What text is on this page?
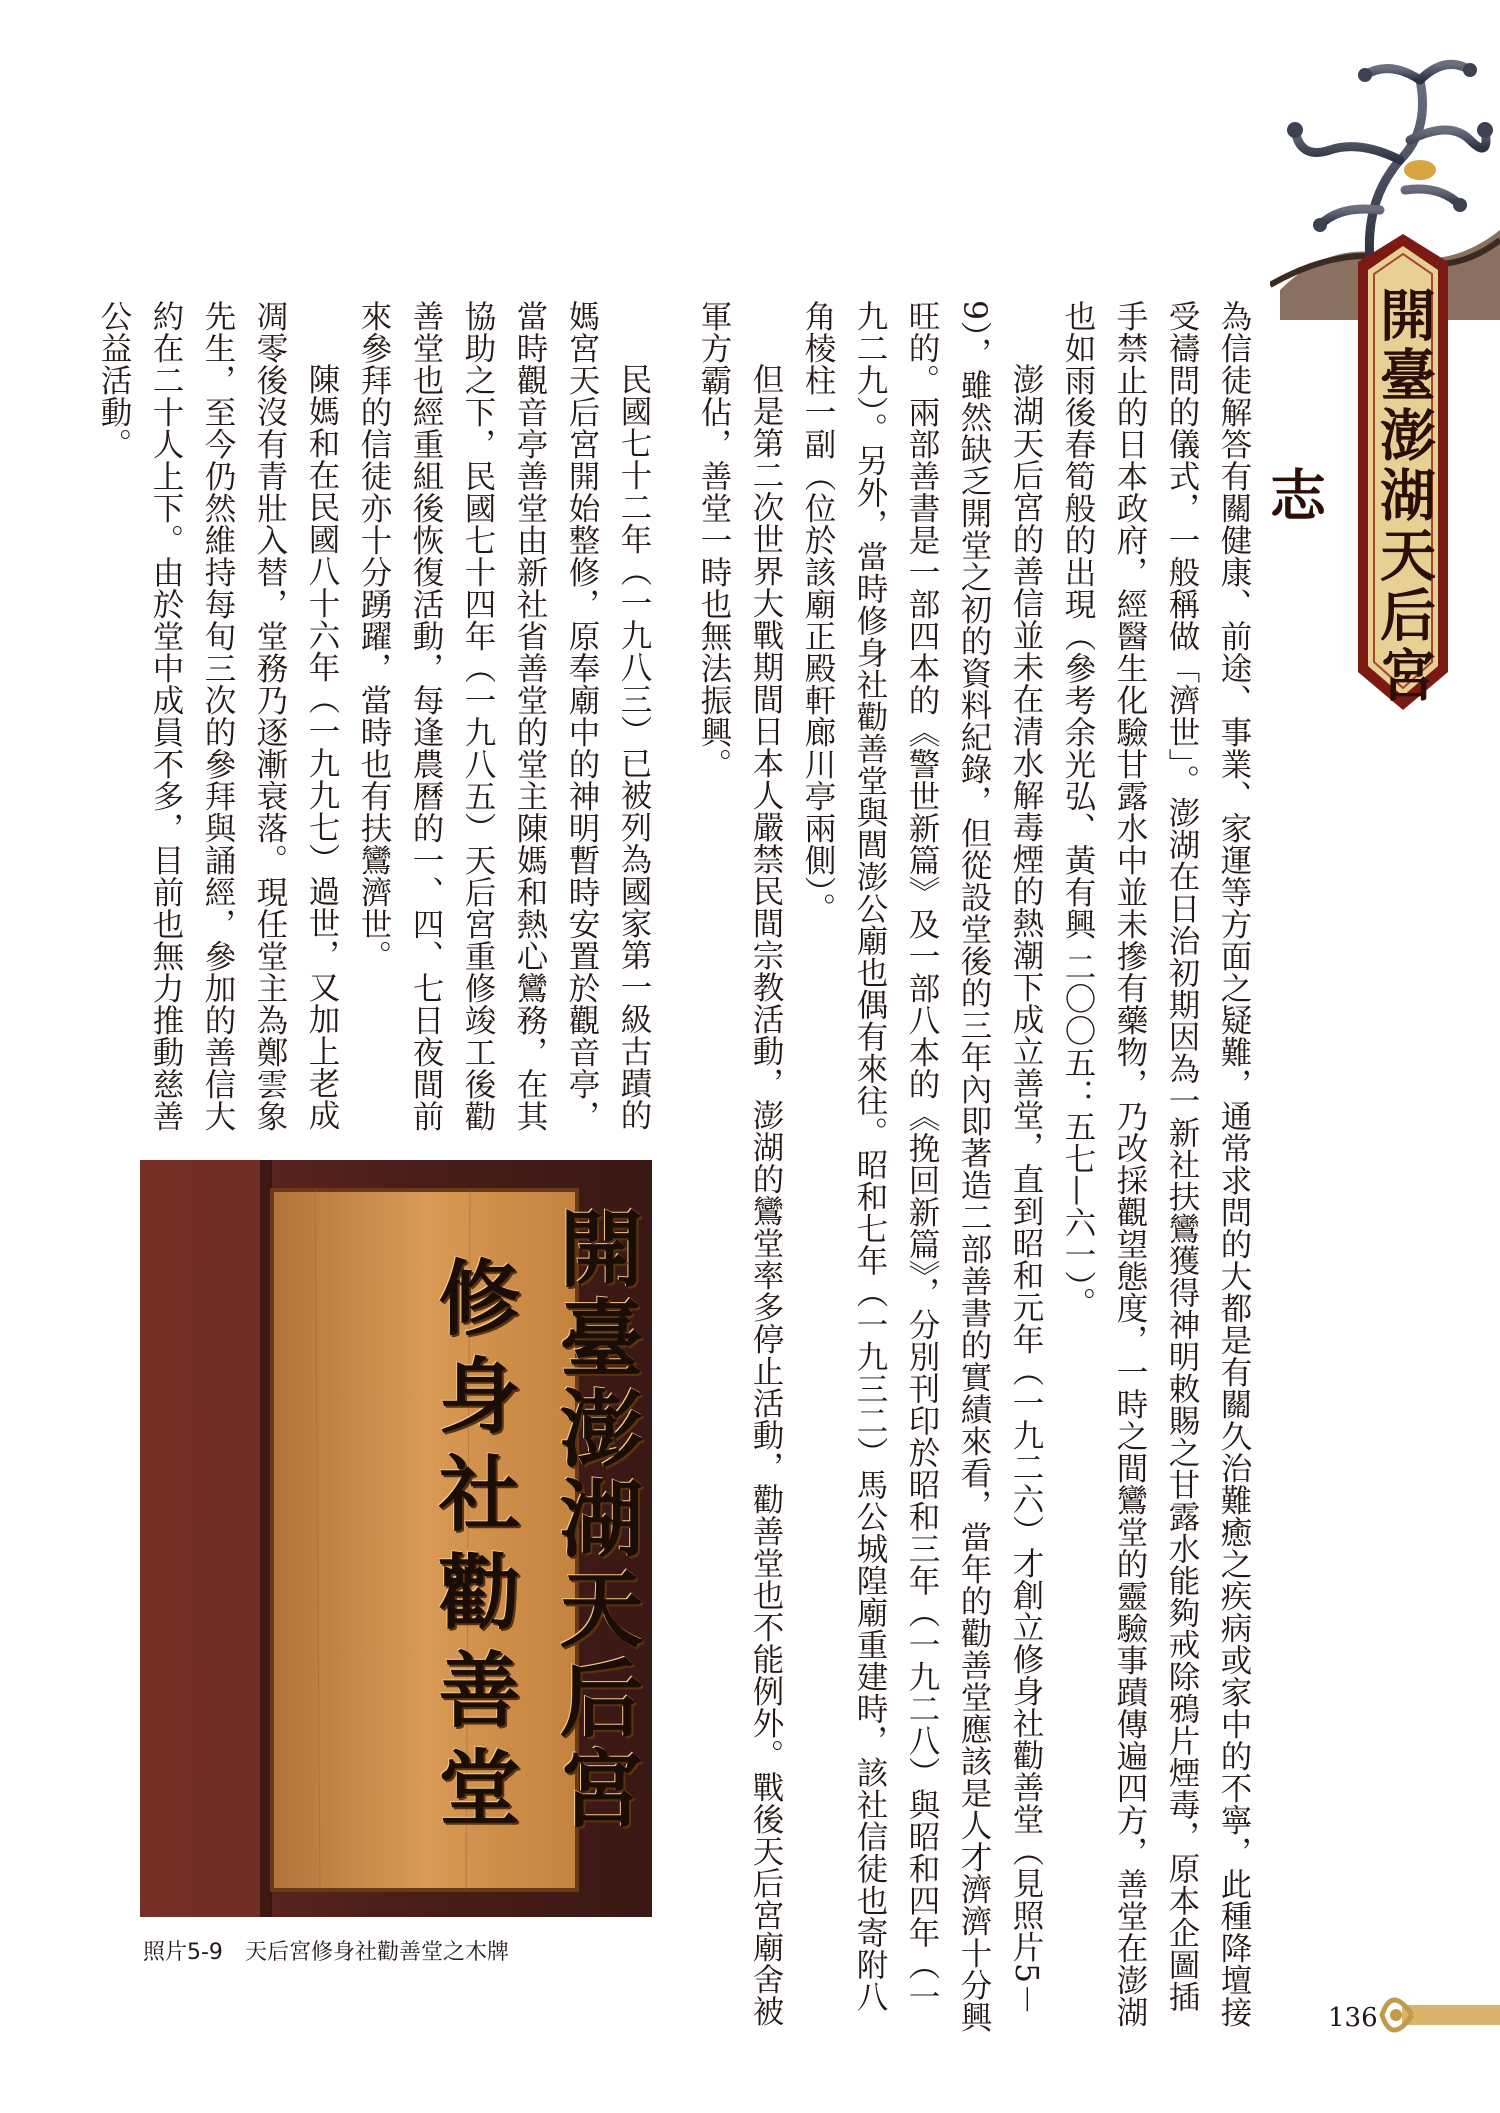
開臺澎湖天后宮志

為信徒解答有關健康、前途、事業、家運等方面之疑難，通常求問的大都是有關久治難癒之疾病或家中的不寧，此種降壇接受禱問的儀式，一般稱做「濟世」。澎湖在日治初期因為一新社扶鸞獲得神明敕賜之甘露水能夠戒除鴉片煙毒，原本企圖插手禁止的日本政府，經醫生化驗甘露水中並未摻有藥物，乃改採觀望態度，一時之間鸞堂的靈驗事蹟傳遍四方，善堂在澎湖也如雨後春筍般的出現（參考余光弘、黃有興 二〇〇五：五七—六一）。

澎湖天后宮的善信並未在清水解毒煙的熱潮下成立善堂，直到昭和元年（一九二六）才創立修身社勸善堂（見照片5－9），雖然缺乏開堂之初的資料紀錄，但從設堂後的三年內即著造二部善書的實績來看，當年的勸善堂應該是人才濟濟十分興旺的。兩部善書是一部四本的《警世新篇》及一部八本的《挽回新篇》，分別刊印於昭和三年（一九二八）與昭和四年（一九二九）。另外，當時修身社勸善堂與閭澎公廟也偶有來往。昭和七年（一九三二）馬公城隍廟重建時，該社信徒也寄附八角棱柱一副（位於該廟正殿軒廊川亭兩側）。

但是第二次世界大戰期間日本人嚴禁民間宗教活動，澎湖的鸞堂率多停止活動，勸善堂也不能例外。戰後天后宮廟舍被軍方霸佔，善堂一時也無法振興。

民國七十二年（一九八三）已被列為國家第一級古蹟的媽宮天后宮開始整修，原奉廟中的神明暫時安置於觀音亭，當時觀音亭善堂由新社省善堂的堂主陳媽和熱心鸞務，在其協助之下，民國七十四年（一九八五）天后宮重修竣工後勸善堂也經重組後恢復活動，每逢農曆的一、四、七日夜間前來參拜的信徒亦十分踴躍，當時也有扶鸞濟世。

陳媽和在民國八十六年（一九九七）過世，又加上老成凋零後沒有青壯入替，堂務乃逐漸衰落。現任堂主為鄭雲象先生，至今仍然維持每旬三次的參拜與誦經，參加的善信大約在二十人上下。由於堂中成員不多，目前也無力推動慈善公益活動。

開臺澎湖天后宮
修身社勸善堂
照片5-9 天后宮修身社勸善堂之木牌
136
